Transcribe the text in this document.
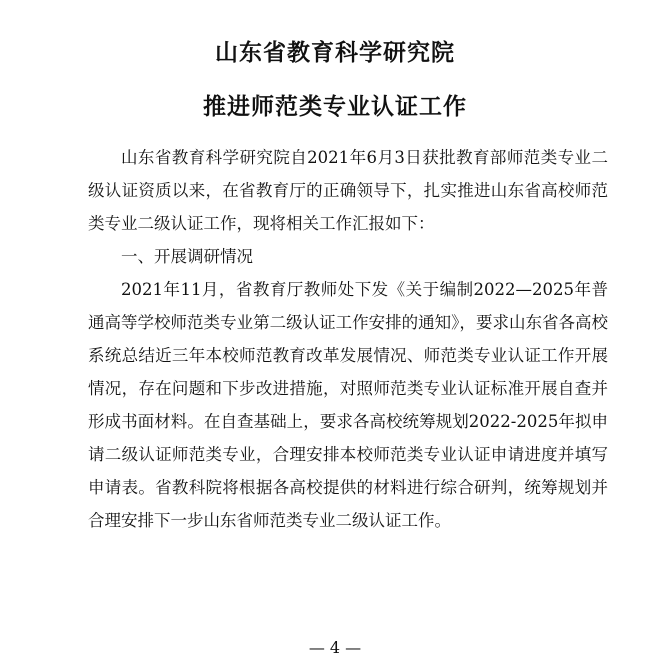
山东省教育科学研究院
推进师范类专业认证工作

山东省教育科学研究院自2021年6月3日获批教育部师范类专业二级认证资质以来，在省教育厅的正确领导下，扎实推进山东省高校师范类专业二级认证工作，现将相关工作汇报如下：

一、开展调研情况

2021年11月，省教育厅教师处下发《关于编制2022—2025年普通高等学校师范类专业第二级认证工作安排的通知》，要求山东省各高校系统总结近三年本校师范教育改革发展情况、师范类专业认证工作开展情况，存在问题和下步改进措施，对照师范类专业认证标准开展自查并形成书面材料。在自查基础上，要求各高校统筹规划2022-2025年拟申请二级认证师范类专业，合理安排本校师范类专业认证申请进度并填写申请表。省教科院将根据各高校提供的材料进行综合研判，统筹规划并合理安排下一步山东省师范类专业二级认证工作。

— 4 —
